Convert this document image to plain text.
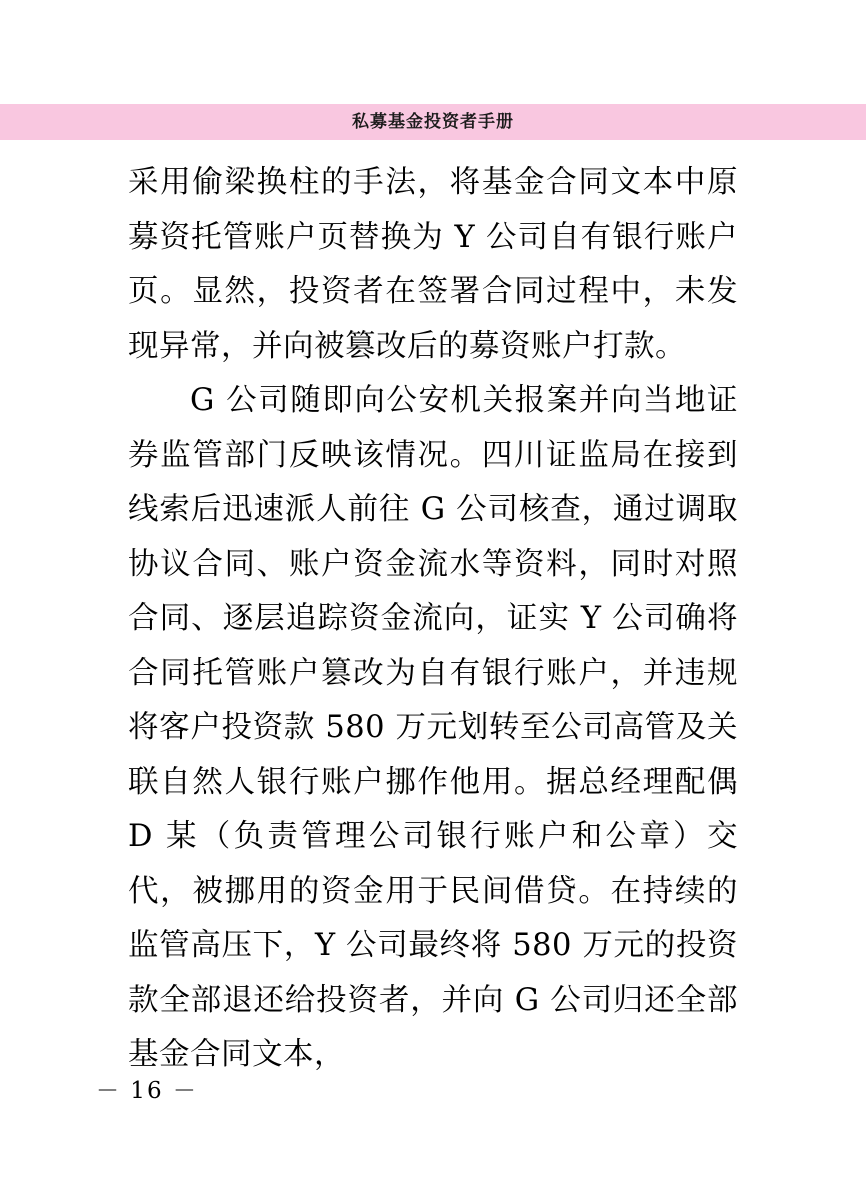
私募基金投资者手册

采用偷梁换柱的手法，将基金合同文本中原募资托管账户页替换为 Y 公司自有银行账户页。显然，投资者在签署合同过程中，未发现异常，并向被篡改后的募资账户打款。

G 公司随即向公安机关报案并向当地证券监管部门反映该情况。四川证监局在接到线索后迅速派人前往 G 公司核查，通过调取协议合同、账户资金流水等资料，同时对照合同、逐层追踪资金流向，证实 Y 公司确将合同托管账户篡改为自有银行账户，并违规将客户投资款 580 万元划转至公司高管及关联自然人银行账户挪作他用。据总经理配偶 D 某（负责管理公司银行账户和公章）交代，被挪用的资金用于民间借贷。在持续的监管高压下，Y 公司最终将 580 万元的投资款全部退还给投资者，并向 G 公司归还全部基金合同文本，

－ 16 －
